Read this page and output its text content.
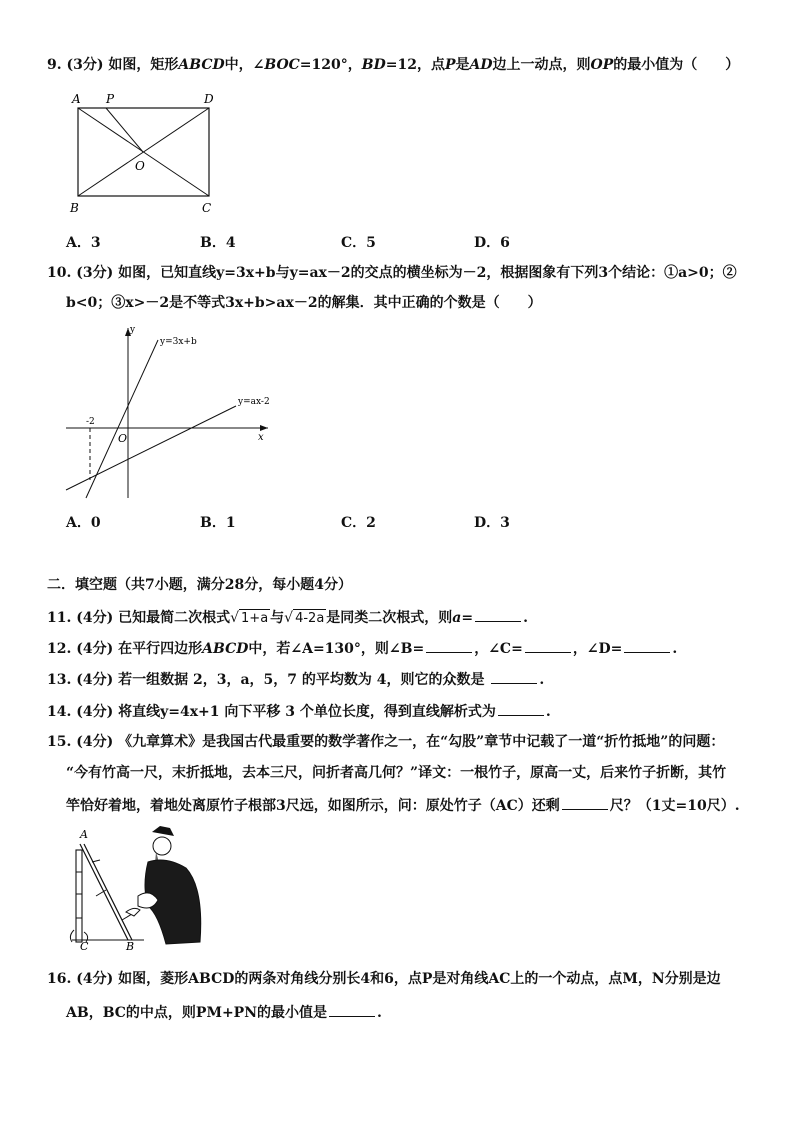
9. (3分) 如图，矩形ABCD中，∠BOC=120°，BD=12，点P是AD边上一动点，则OP的最小值为（　　）
A P	D
O
B	C
A．3	B．4	C．5	D．6
10. (3分) 如图，已知直线y=3x+b与y=ax－2的交点的横坐标为－2，根据图象有下列3个结论：①a>0；②
b<0；③x>－2是不等式3x+b>ax－2的解集．其中正确的个数是（　　）
y
x
O
-2
y=3x+b
y=ax-2
A．0	B．1	C．2	D．3
二．填空题（共7小题，满分28分，每小题4分）
11. (4分) 已知最简二次根式√ 1+a 与√ 4-2a 是同类二次根式，则a=	.
12. (4分) 在平行四边形ABCD中，若∠A=130°，则∠B=	，∠C=	，∠D=	.
13. (4分) 若一组数据 2，3，a，5，7 的平均数为 4，则它的众数是	.
14. (4分) 将直线y=4x+1 向下平移 3 个单位长度，得到直线解析式为	.
15. (4分) 《九章算术》是我国古代最重要的数学著作之一，在“勾股”章节中记载了一道“折竹抵地”的问题：
“今有竹高一尺，末折抵地，去本三尺，问折者高几何？”译文：一根竹子，原高一丈，后来竹子折断，其竹
竿恰好着地，着地处离原竹子根部3尺远，如图所示，问：原处竹子（AC）还剩	尺？（1丈=10尺）.
A
C	B
16. (4分) 如图，菱形ABCD的两条对角线分别长4和6，点P是对角线AC上的一个动点，点M，N分别是边
AB，BC的中点，则PM+PN的最小值是	.
